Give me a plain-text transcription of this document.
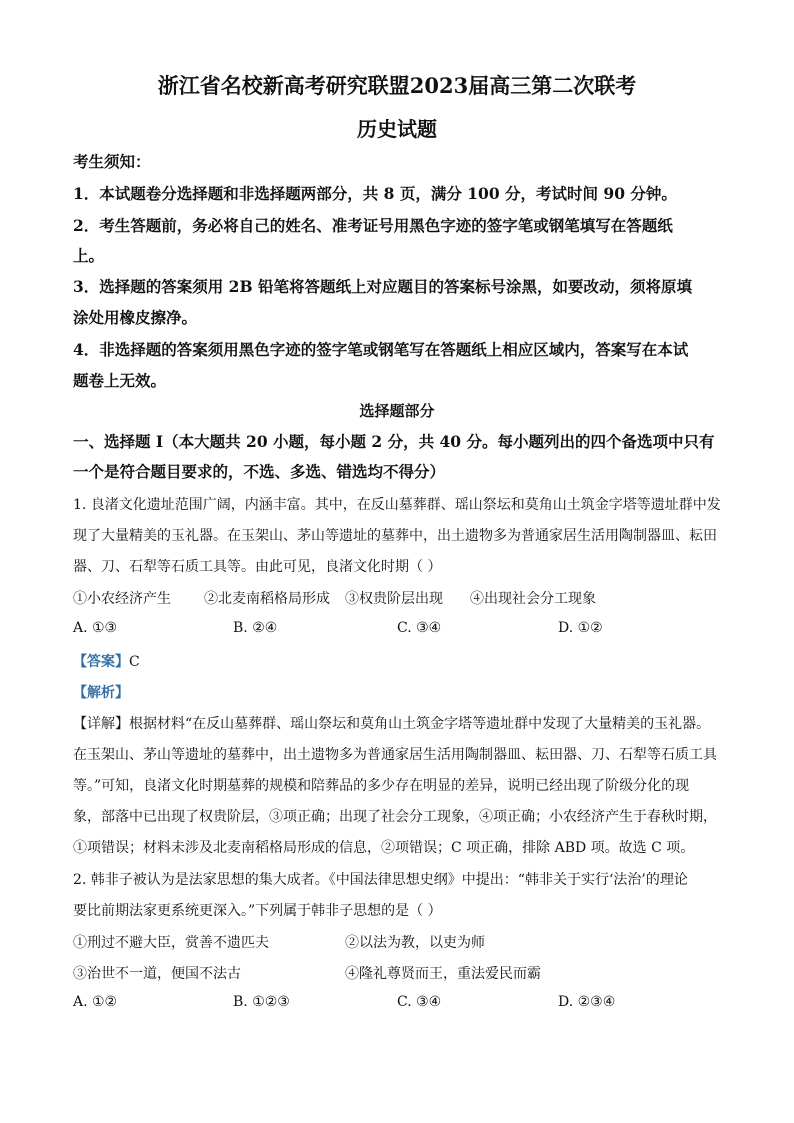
浙江省名校新高考研究联盟2023届高三第二次联考
历史试题
考生须知：
1．本试题卷分选择题和非选择题两部分，共 8 页，满分 100 分，考试时间 90 分钟。
2．考生答题前，务必将自己的姓名、准考证号用黑色字迹的签字笔或钢笔填写在答题纸
上。
3．选择题的答案须用 2B 铅笔将答题纸上对应题目的答案标号涂黑，如要改动，须将原填
涂处用橡皮擦净。
4．非选择题的答案须用黑色字迹的签字笔或钢笔写在答题纸上相应区域内，答案写在本试
题卷上无效。
选择题部分
一、选择题 I（本大题共 20 小题，每小题 2 分，共 40 分。每小题列出的四个备选项中只有
一个是符合题目要求的，不选、多选、错选均不得分）
1. 良渚文化遗址范围广阔，内涵丰富。其中，在反山墓葬群、瑶山祭坛和莫角山土筑金字塔等遗址群中发
现了大量精美的玉礼器。在玉架山、茅山等遗址的墓葬中，出土遗物多为普通家居生活用陶制器皿、耘田
器、刀、石犁等石质工具等。由此可见，良渚文化时期（ ）
①小农经济产生 ②北麦南稻格局形成 ③权贵阶层出现 ④出现社会分工现象
A. ①③	B. ②④	C. ③④	D. ①②
【答案】C
【解析】
【详解】根据材料“在反山墓葬群、瑶山祭坛和莫角山土筑金字塔等遗址群中发现了大量精美的玉礼器。
在玉架山、茅山等遗址的墓葬中，出土遗物多为普通家居生活用陶制器皿、耘田器、刀、石犁等石质工具
等。”可知，良渚文化时期墓葬的规模和陪葬品的多少存在明显的差异，说明已经出现了阶级分化的现
象，部落中已出现了权贵阶层，③项正确；出现了社会分工现象，④项正确；小农经济产生于春秋时期，
①项错误；材料未涉及北麦南稻格局形成的信息，②项错误；C 项正确，排除 ABD 项。故选 C 项。
2. 韩非子被认为是法家思想的集大成者。《中国法律思想史纲》中提出：“韩非关于实行‘法治’的理论
要比前期法家更系统更深入。”下列属于韩非子思想的是（ ）
①刑过不避大臣，赏善不遗匹夫	②以法为教，以吏为师
③治世不一道，便国不法古	④隆礼尊贤而王，重法爱民而霸
A. ①②	B. ①②③	C. ③④	D. ②③④
